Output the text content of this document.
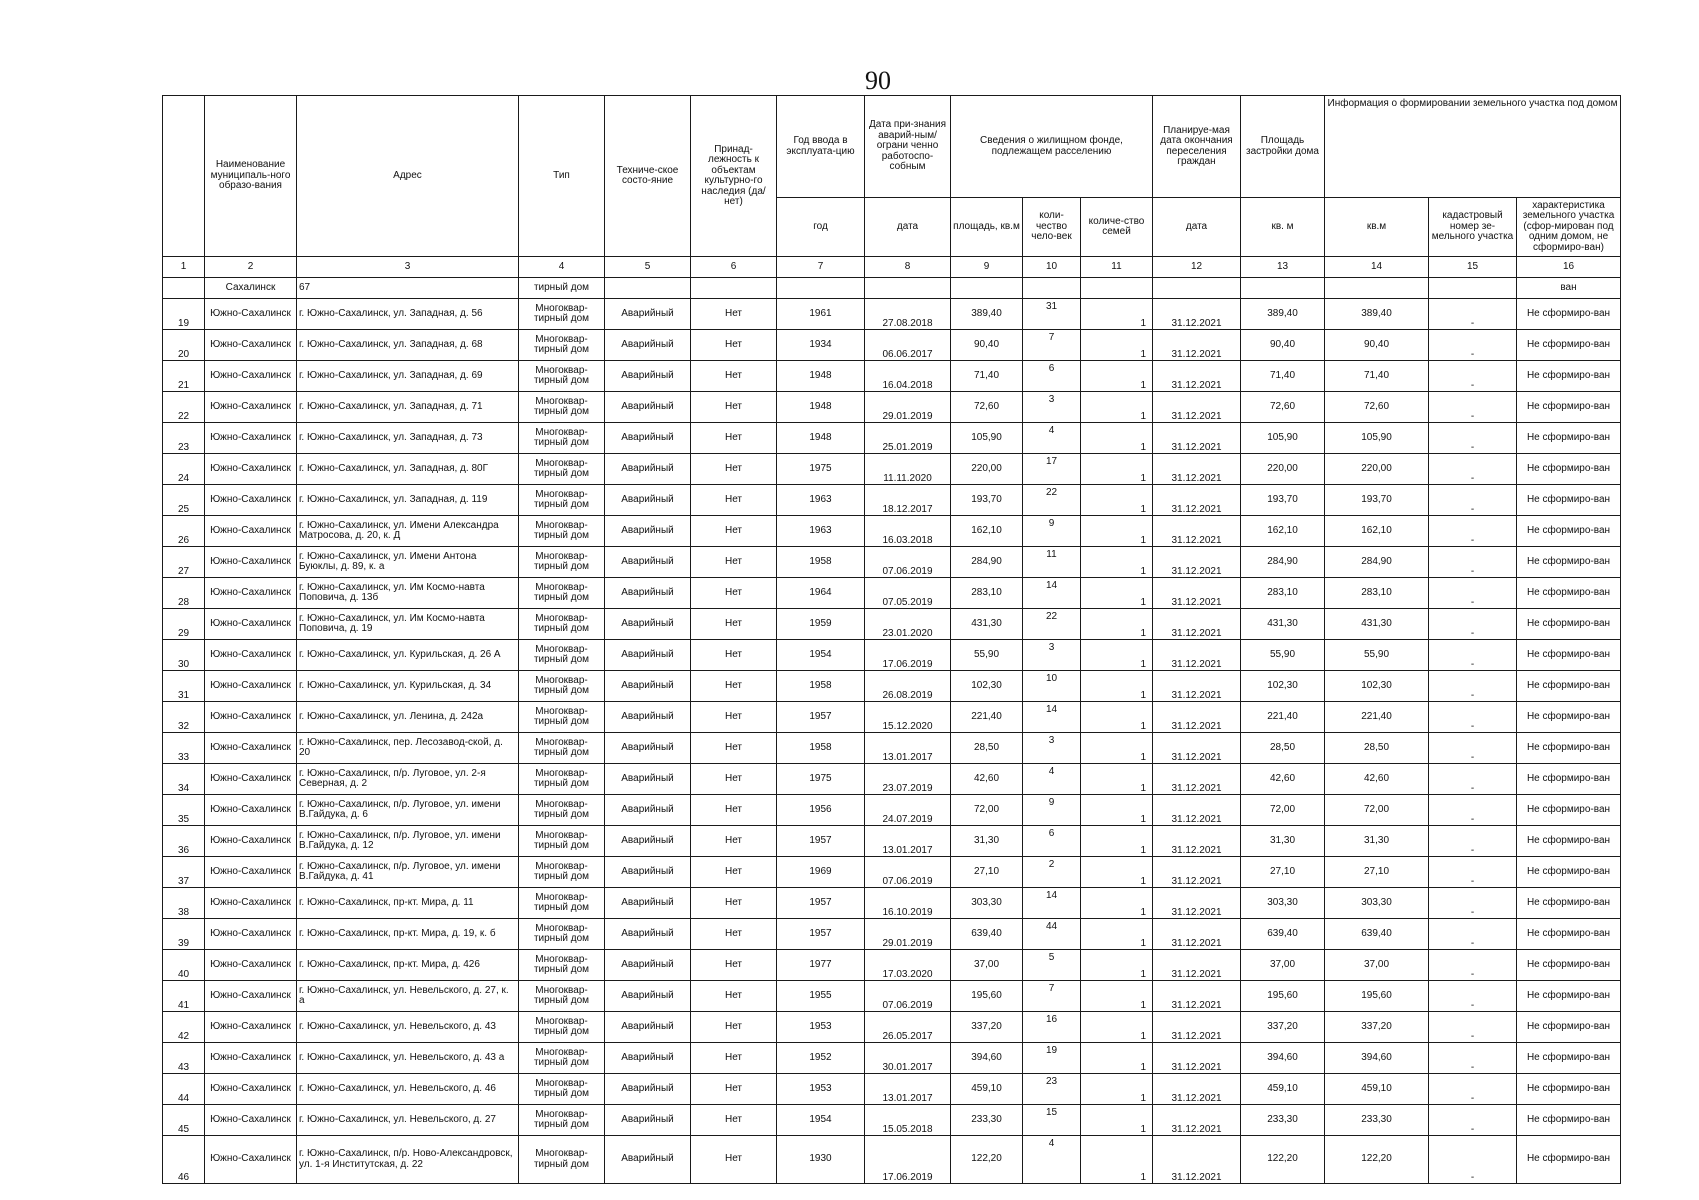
90
	Наименование муниципаль-ного образо-вания	Адрес	Тип	Техниче-ское состо-яние	Принад-лежность к объектам культурно-го наследия (да/нет)	Год ввода в эксплуата-цию	Дата при-знания аварий-ным/ограни ченно работоспо-собным	Сведения о жилищном фонде, подлежащем расселению			Планируе-мая дата окончания переселения граждан	Площадь застройки дома	Информация о формировании земельного участка под домом		
						год	дата	площадь, кв.м	коли-чество чело-век	количе-ство семей	дата	кв. м	кв.м	кадастровый номер зе-мельного участка	характеристика земельного участка (сфор-мирован под одним домом, не сформиро-ван)
1	2	3	4	5	6	7	8	9	10	11	12	13	14	15	16
	Сахалинск	67	тирный дом												ван
19	Южно-Сахалинск	г. Южно-Сахалинск, ул. Западная, д. 56	Многоквар-тирный дом	Аварийный	Нет	1961	27.08.2018	389,40	31	1	31.12.2021	389,40	389,40	-	Не сформиро-ван
20	Южно-Сахалинск	г. Южно-Сахалинск, ул. Западная, д. 68	Многоквар-тирный дом	Аварийный	Нет	1934	06.06.2017	90,40	7	1	31.12.2021	90,40	90,40	-	Не сформиро-ван
21	Южно-Сахалинск	г. Южно-Сахалинск, ул. Западная, д. 69	Многоквар-тирный дом	Аварийный	Нет	1948	16.04.2018	71,40	6	1	31.12.2021	71,40	71,40	-	Не сформиро-ван
22	Южно-Сахалинск	г. Южно-Сахалинск, ул. Западная, д. 71	Многоквар-тирный дом	Аварийный	Нет	1948	29.01.2019	72,60	3	1	31.12.2021	72,60	72,60	-	Не сформиро-ван
23	Южно-Сахалинск	г. Южно-Сахалинск, ул. Западная, д. 73	Многоквар-тирный дом	Аварийный	Нет	1948	25.01.2019	105,90	4	1	31.12.2021	105,90	105,90	-	Не сформиро-ван
24	Южно-Сахалинск	г. Южно-Сахалинск, ул. Западная, д. 80Г	Многоквар-тирный дом	Аварийный	Нет	1975	11.11.2020	220,00	17	1	31.12.2021	220,00	220,00	-	Не сформиро-ван
25	Южно-Сахалинск	г. Южно-Сахалинск, ул. Западная, д. 119	Многоквар-тирный дом	Аварийный	Нет	1963	18.12.2017	193,70	22	1	31.12.2021	193,70	193,70	-	Не сформиро-ван
26	Южно-Сахалинск	г. Южно-Сахалинск, ул. Имени Александра Матросова, д. 20, к. Д	Многоквар-тирный дом	Аварийный	Нет	1963	16.03.2018	162,10	9	1	31.12.2021	162,10	162,10	-	Не сформиро-ван
27	Южно-Сахалинск	г. Южно-Сахалинск, ул. Имени Антона Буюклы, д. 89, к. а	Многоквар-тирный дом	Аварийный	Нет	1958	07.06.2019	284,90	11	1	31.12.2021	284,90	284,90	-	Не сформиро-ван
28	Южно-Сахалинск	г. Южно-Сахалинск, ул. Им Космо-навта Поповича, д. 13б	Многоквар-тирный дом	Аварийный	Нет	1964	07.05.2019	283,10	14	1	31.12.2021	283,10	283,10	-	Не сформиро-ван
29	Южно-Сахалинск	г. Южно-Сахалинск, ул. Им Космо-навта Поповича, д. 19	Многоквар-тирный дом	Аварийный	Нет	1959	23.01.2020	431,30	22	1	31.12.2021	431,30	431,30	-	Не сформиро-ван
30	Южно-Сахалинск	г. Южно-Сахалинск, ул. Курильская, д. 26 А	Многоквар-тирный дом	Аварийный	Нет	1954	17.06.2019	55,90	3	1	31.12.2021	55,90	55,90	-	Не сформиро-ван
31	Южно-Сахалинск	г. Южно-Сахалинск, ул. Курильская, д. 34	Многоквар-тирный дом	Аварийный	Нет	1958	26.08.2019	102,30	10	1	31.12.2021	102,30	102,30	-	Не сформиро-ван
32	Южно-Сахалинск	г. Южно-Сахалинск, ул. Ленина, д. 242а	Многоквар-тирный дом	Аварийный	Нет	1957	15.12.2020	221,40	14	1	31.12.2021	221,40	221,40	-	Не сформиро-ван
33	Южно-Сахалинск	г. Южно-Сахалинск, пер. Лесозавод-ской, д. 20	Многоквар-тирный дом	Аварийный	Нет	1958	13.01.2017	28,50	3	1	31.12.2021	28,50	28,50	-	Не сформиро-ван
34	Южно-Сахалинск	г. Южно-Сахалинск, п/р. Луговое, ул. 2-я Северная, д. 2	Многоквар-тирный дом	Аварийный	Нет	1975	23.07.2019	42,60	4	1	31.12.2021	42,60	42,60	-	Не сформиро-ван
35	Южно-Сахалинск	г. Южно-Сахалинск, п/р. Луговое, ул. имени В.Гайдука, д. 6	Многоквар-тирный дом	Аварийный	Нет	1956	24.07.2019	72,00	9	1	31.12.2021	72,00	72,00	-	Не сформиро-ван
36	Южно-Сахалинск	г. Южно-Сахалинск, п/р. Луговое, ул. имени В.Гайдука, д. 12	Многоквар-тирный дом	Аварийный	Нет	1957	13.01.2017	31,30	6	1	31.12.2021	31,30	31,30	-	Не сформиро-ван
37	Южно-Сахалинск	г. Южно-Сахалинск, п/р. Луговое, ул. имени В.Гайдука, д. 41	Многоквар-тирный дом	Аварийный	Нет	1969	07.06.2019	27,10	2	1	31.12.2021	27,10	27,10	-	Не сформиро-ван
38	Южно-Сахалинск	г. Южно-Сахалинск, пр-кт. Мира, д. 11	Многоквар-тирный дом	Аварийный	Нет	1957	16.10.2019	303,30	14	1	31.12.2021	303,30	303,30	-	Не сформиро-ван
39	Южно-Сахалинск	г. Южно-Сахалинск, пр-кт. Мира, д. 19, к. б	Многоквар-тирный дом	Аварийный	Нет	1957	29.01.2019	639,40	44	1	31.12.2021	639,40	639,40	-	Не сформиро-ван
40	Южно-Сахалинск	г. Южно-Сахалинск, пр-кт. Мира, д. 426	Многоквар-тирный дом	Аварийный	Нет	1977	17.03.2020	37,00	5	1	31.12.2021	37,00	37,00	-	Не сформиро-ван
41	Южно-Сахалинск	г. Южно-Сахалинск, ул. Невельского, д. 27, к. а	Многоквар-тирный дом	Аварийный	Нет	1955	07.06.2019	195,60	7	1	31.12.2021	195,60	195,60	-	Не сформиро-ван
42	Южно-Сахалинск	г. Южно-Сахалинск, ул. Невельского, д. 43	Многоквар-тирный дом	Аварийный	Нет	1953	26.05.2017	337,20	16	1	31.12.2021	337,20	337,20	-	Не сформиро-ван
43	Южно-Сахалинск	г. Южно-Сахалинск, ул. Невельского, д. 43 а	Многоквар-тирный дом	Аварийный	Нет	1952	30.01.2017	394,60	19	1	31.12.2021	394,60	394,60	-	Не сформиро-ван
44	Южно-Сахалинск	г. Южно-Сахалинск, ул. Невельского, д. 46	Многоквар-тирный дом	Аварийный	Нет	1953	13.01.2017	459,10	23	1	31.12.2021	459,10	459,10	-	Не сформиро-ван
45	Южно-Сахалинск	г. Южно-Сахалинск, ул. Невельского, д. 27	Многоквар-тирный дом	Аварийный	Нет	1954	15.05.2018	233,30	15	1	31.12.2021	233,30	233,30	-	Не сформиро-ван
46	Южно-Сахалинск	г. Южно-Сахалинск, п/р. Ново-Александровск, ул. 1-я Институтская, д. 22	Многоквар-тирный дом	Аварийный	Нет	1930	17.06.2019	122,20	4	1	31.12.2021	122,20	122,20	-	Не сформиро-ван
